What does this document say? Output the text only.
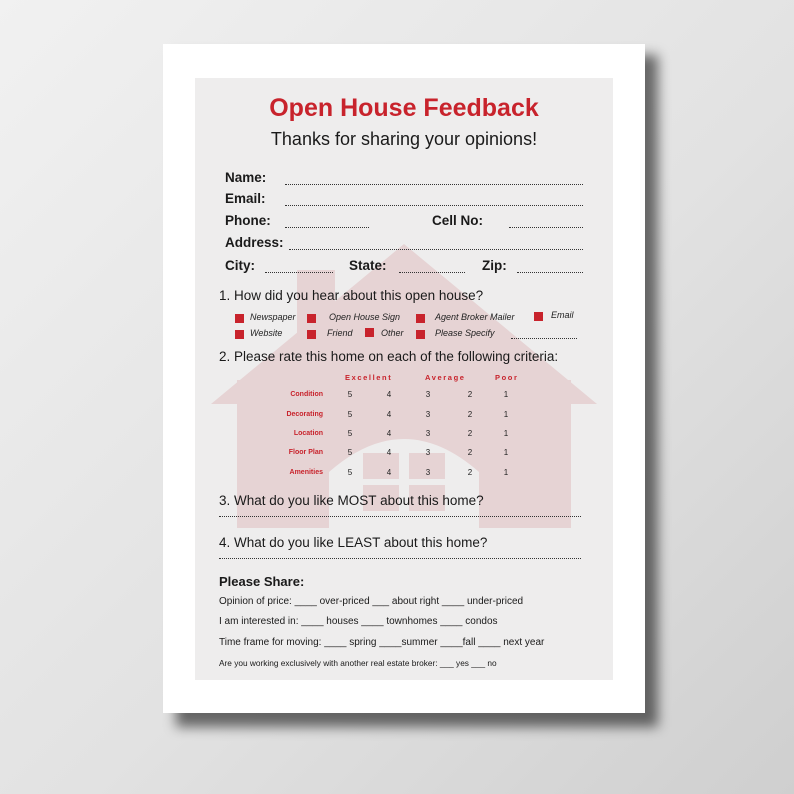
Open House Feedback
Thanks for sharing your opinions!
Name:
Email:
Phone:	Cell No:
Address:
City:	State:	Zip:
1. How did you hear about this open house?
Newspaper	Open House Sign	Agent Broker Mailer	Email
Website	Friend	Other	Please Specify
2. Please rate this home on each of the following criteria:
Excellent	Average	Poor
Condition	5	4	3	2	1
Decorating	5	4	3	2	1
Location	5	4	3	2	1
Floor Plan	5	4	3	2	1
Amenities	5	4	3	2	1
3. What do you like MOST about this home?
4. What do you like LEAST about this home?
Please Share:
Opinion of price: ____ over-priced ___ about right ____ under-priced
I am interested in: ____ houses ____ townhomes ____ condos
Time frame for moving: ____ spring ____summer ____fall ____ next year
Are you working exclusively with another real estate broker: ___ yes ___ no
